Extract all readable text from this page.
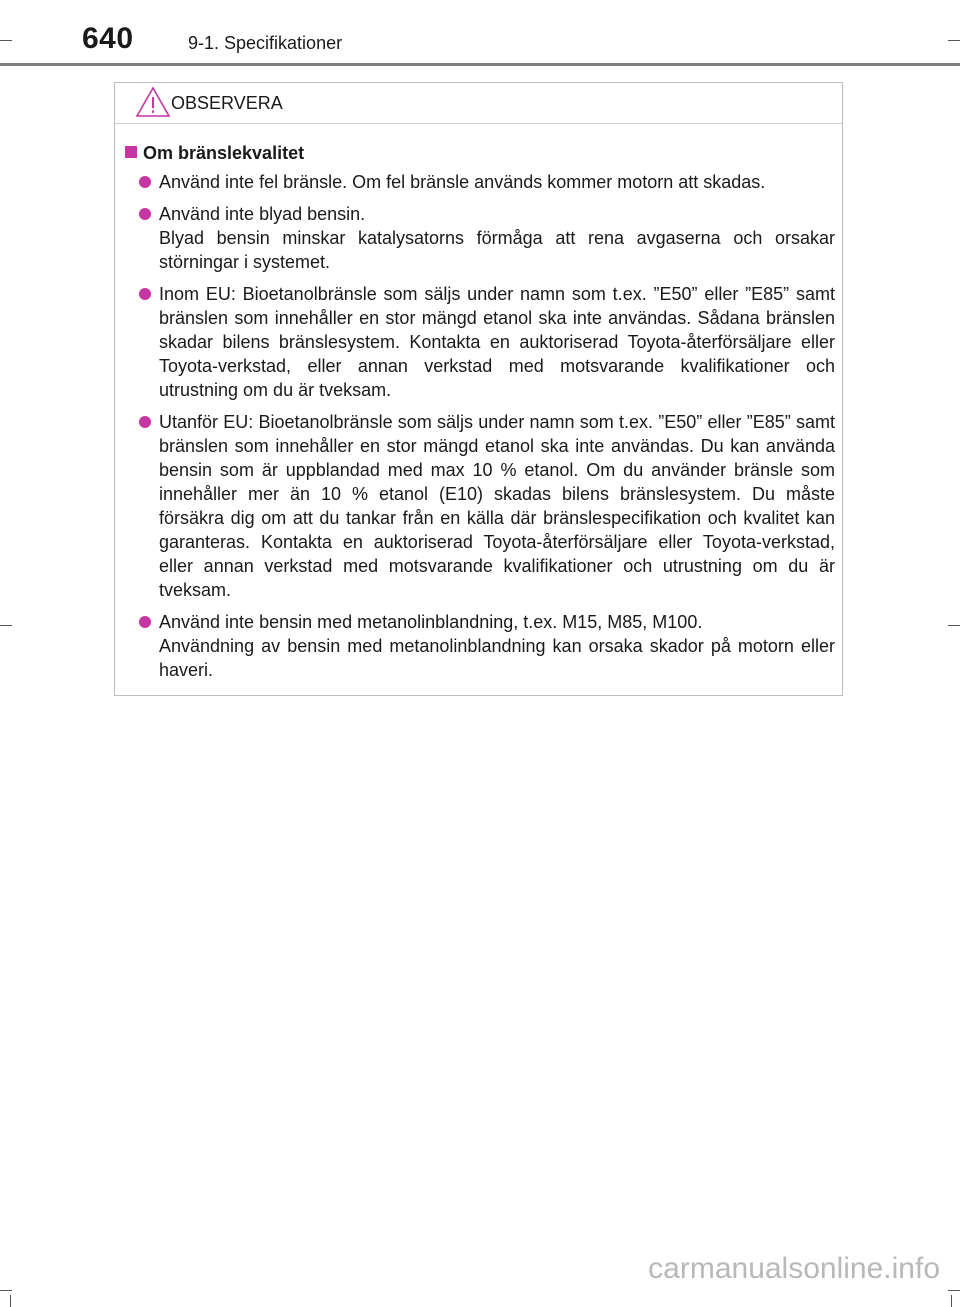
640	9-1. Specifikationer
OBSERVERA
Om bränslekvalitet
Använd inte fel bränsle. Om fel bränsle används kommer motorn att skadas.
Använd inte blyad bensin.
Blyad bensin minskar katalysatorns förmåga att rena avgaserna och orsakar störningar i systemet.
Inom EU: Bioetanolbränsle som säljs under namn som t.ex. ”E50” eller ”E85” samt bränslen som innehåller en stor mängd etanol ska inte användas. Sådana bränslen skadar bilens bränslesystem. Kontakta en auktoriserad Toyota-återförsäljare eller Toyota-verkstad, eller annan verkstad med motsvarande kvalifikationer och utrustning om du är tveksam.
Utanför EU: Bioetanolbränsle som säljs under namn som t.ex. ”E50” eller ”E85” samt bränslen som innehåller en stor mängd etanol ska inte användas. Du kan använda bensin som är uppblandad med max 10 % etanol. Om du använder bränsle som innehåller mer än 10 % etanol (E10) skadas bilens bränslesystem. Du måste försäkra dig om att du tankar från en källa där bränslespecifikation och kvalitet kan garanteras. Kontakta en auktoriserad Toyota-återförsäljare eller Toyota-verkstad, eller annan verkstad med motsvarande kvalifikationer och utrustning om du är tveksam.
Använd inte bensin med metanolinblandning, t.ex. M15, M85, M100.
Användning av bensin med metanolinblandning kan orsaka skador på motorn eller haveri.
carmanualsonline.info
